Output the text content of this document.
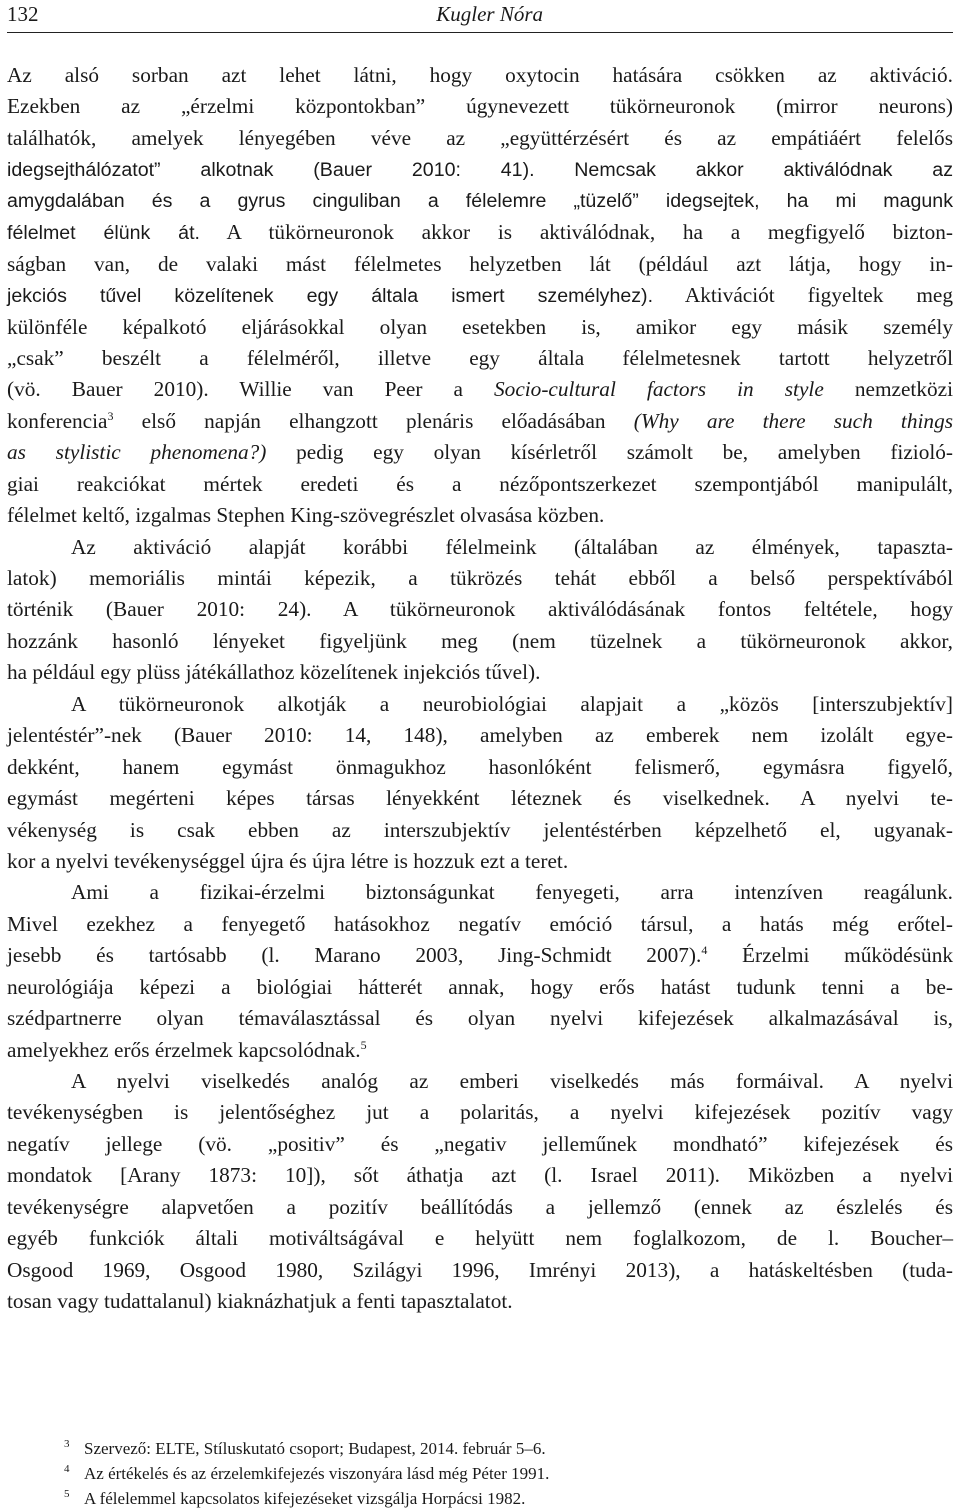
132	Kugler Nóra
Az alsó sorban azt lehet látni, hogy oxytocin hatására csökken az aktiváció.
Ezekben az „érzelmi központokban” úgynevezett tükörneuronok (mirror neurons)
találhatók, amelyek lényegében véve az „együttérzésért és az empátiáért felelős
idegsejthálózatot” alkotnak (Bauer 2010: 41). Nemcsak akkor aktiválódnak az
amygdalában és a gyrus cinguliban a félelemre „tüzelő” idegsejtek, ha mi magunk
félelmet élünk át. A tükörneuronok akkor is aktiválódnak, ha a megfigyelő bizton-
ságban van, de valaki mást félelmetes helyzetben lát (például azt látja, hogy in-
jekciós tűvel közelítenek egy általa ismert személyhez). Aktivációt figyeltek meg
különféle képalkotó eljárásokkal olyan esetekben is, amikor egy másik személy
„csak” beszélt a félelméről, illetve egy általa félelmetesnek tartott helyzetről
(vö. Bauer 2010). Willie van Peer a Socio-cultural factors in style nemzetközi
konferencia$^3$ első napján elhangzott plenáris előadásában (Why are there such things
as stylistic phenomena?) pedig egy olyan kísérletről számolt be, amelyben fizioló-
giai reakciókat mértek eredeti és a nézőpontszerkezet szempontjából manipulált,
félelmet keltő, izgalmas Stephen King-szövegrészlet olvasása közben.
Az aktiváció alapját korábbi félelmeink (általában az élmények, tapaszta-
latok) memoriális mintái képezik, a tükrözés tehát ebből a belső perspektívából
történik (Bauer 2010: 24). A tükörneuronok aktiválódásának fontos feltétele, hogy
hozzánk hasonló lényeket figyeljünk meg (nem tüzelnek a tükörneuronok akkor,
ha például egy plüss játékállathoz közelítenek injekciós tűvel).
A tükörneuronok alkotják a neurobiológiai alapjait a „közös [interszubjektív]
jelentéstér”-nek (Bauer 2010: 14, 148), amelyben az emberek nem izolált egye-
dekként, hanem egymást önmagukhoz hasonlóként felismerő, egymásra figyelő,
egymást megérteni képes társas lényekként léteznek és viselkednek. A nyelvi te-
vékenység is csak ebben az interszubjektív jelentéstérben képzelhető el, ugyanak-
kor a nyelvi tevékenységgel újra és újra létre is hozzuk ezt a teret.
Ami a fizikai-érzelmi biztonságunkat fenyegeti, arra intenzíven reagálunk.
Mivel ezekhez a fenyegető hatásokhoz negatív emóció társul, a hatás még erőtel-
jesebb és tartósabb (l. Marano 2003, Jing-Schmidt 2007).$^4$ Érzelmi működésünk
neurológiája képezi a biológiai hátterét annak, hogy erős hatást tudunk tenni a be-
szédpartnerre olyan témaválasztással és olyan nyelvi kifejezések alkalmazásával is,
amelyekhez erős érzelmek kapcsolódnak.$^5$
A nyelvi viselkedés analóg az emberi viselkedés más formáival. A nyelvi
tevékenységben is jelentőséghez jut a polaritás, a nyelvi kifejezések pozitív vagy
negatív jellege (vö. „positiv” és „negativ jelleműnek mondható” kifejezések és
mondatok [Arany 1873: 10]), sőt áthatja azt (l. Israel 2011). Miközben a nyelvi
tevékenységre alapvetően a pozitív beállítódás a jellemző (ennek az észlelés és
egyéb funkciók általi motiváltságával e helyütt nem foglalkozom, de l. Boucher–
Osgood 1969, Osgood 1980, Szilágyi 1996, Imrényi 2013), a hatáskeltésben (tuda-
tosan vagy tudattalanul) kiaknázhatjuk a fenti tapasztalatot.
3 Szervező: ELTE, Stíluskutató csoport; Budapest, 2014. február 5–6.
4 Az értékelés és az érzelemkifejezés viszonyára lásd még Péter 1991.
5 A félelemmel kapcsolatos kifejezéseket vizsgálja Horpácsi 1982.
